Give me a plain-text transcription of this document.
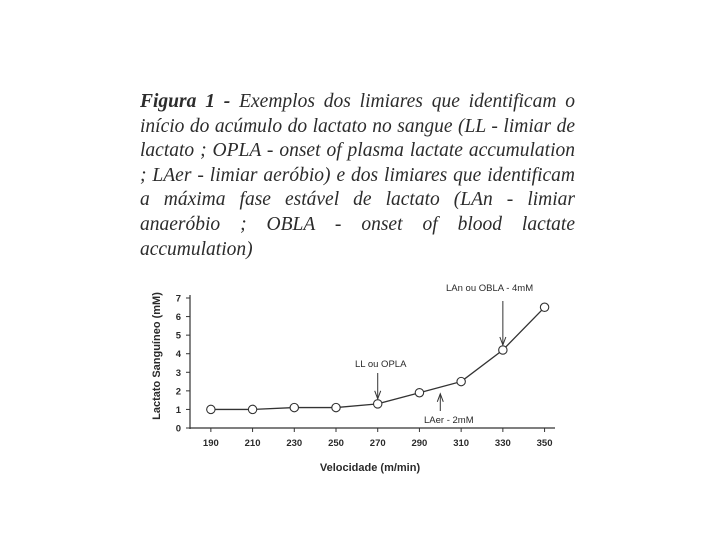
Figura 1 - Exemplos dos limiares que identificam o início do acúmulo do lactato no sangue (LL - limiar de lactato ; OPLA - onset of plasma lactate accumulation ; LAer - limiar aeróbio) e dos limiares que identificam a máxima fase estável de lactato (LAn - limiar anaeróbio ; OBLA - onset of blood lactate accumulation)
Lactato Sanguíneo (mM)
Velocidade (m/min)
0
1
2
3
4
5
6
7
190	210	230	250	270	290	310	330	350
LAn ou OBLA - 4mM
LL ou OPLA
LAer - 2mM
